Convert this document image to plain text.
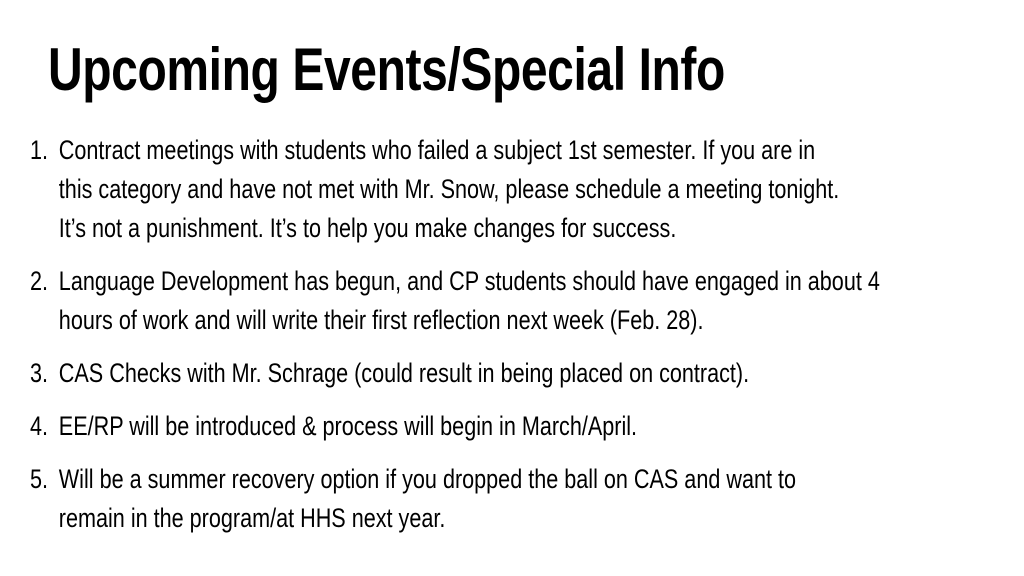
Upcoming Events/Special Info
1. Contract meetings with students who failed a subject 1st semester. If you are in
this category and have not met with Mr. Snow, please schedule a meeting tonight.
It’s not a punishment. It’s to help you make changes for success.
2. Language Development has begun, and CP students should have engaged in about 4
hours of work and will write their first reflection next week (Feb. 28).
3. CAS Checks with Mr. Schrage (could result in being placed on contract).
4. EE/RP will be introduced & process will begin in March/April.
5. Will be a summer recovery option if you dropped the ball on CAS and want to
remain in the program/at HHS next year.
